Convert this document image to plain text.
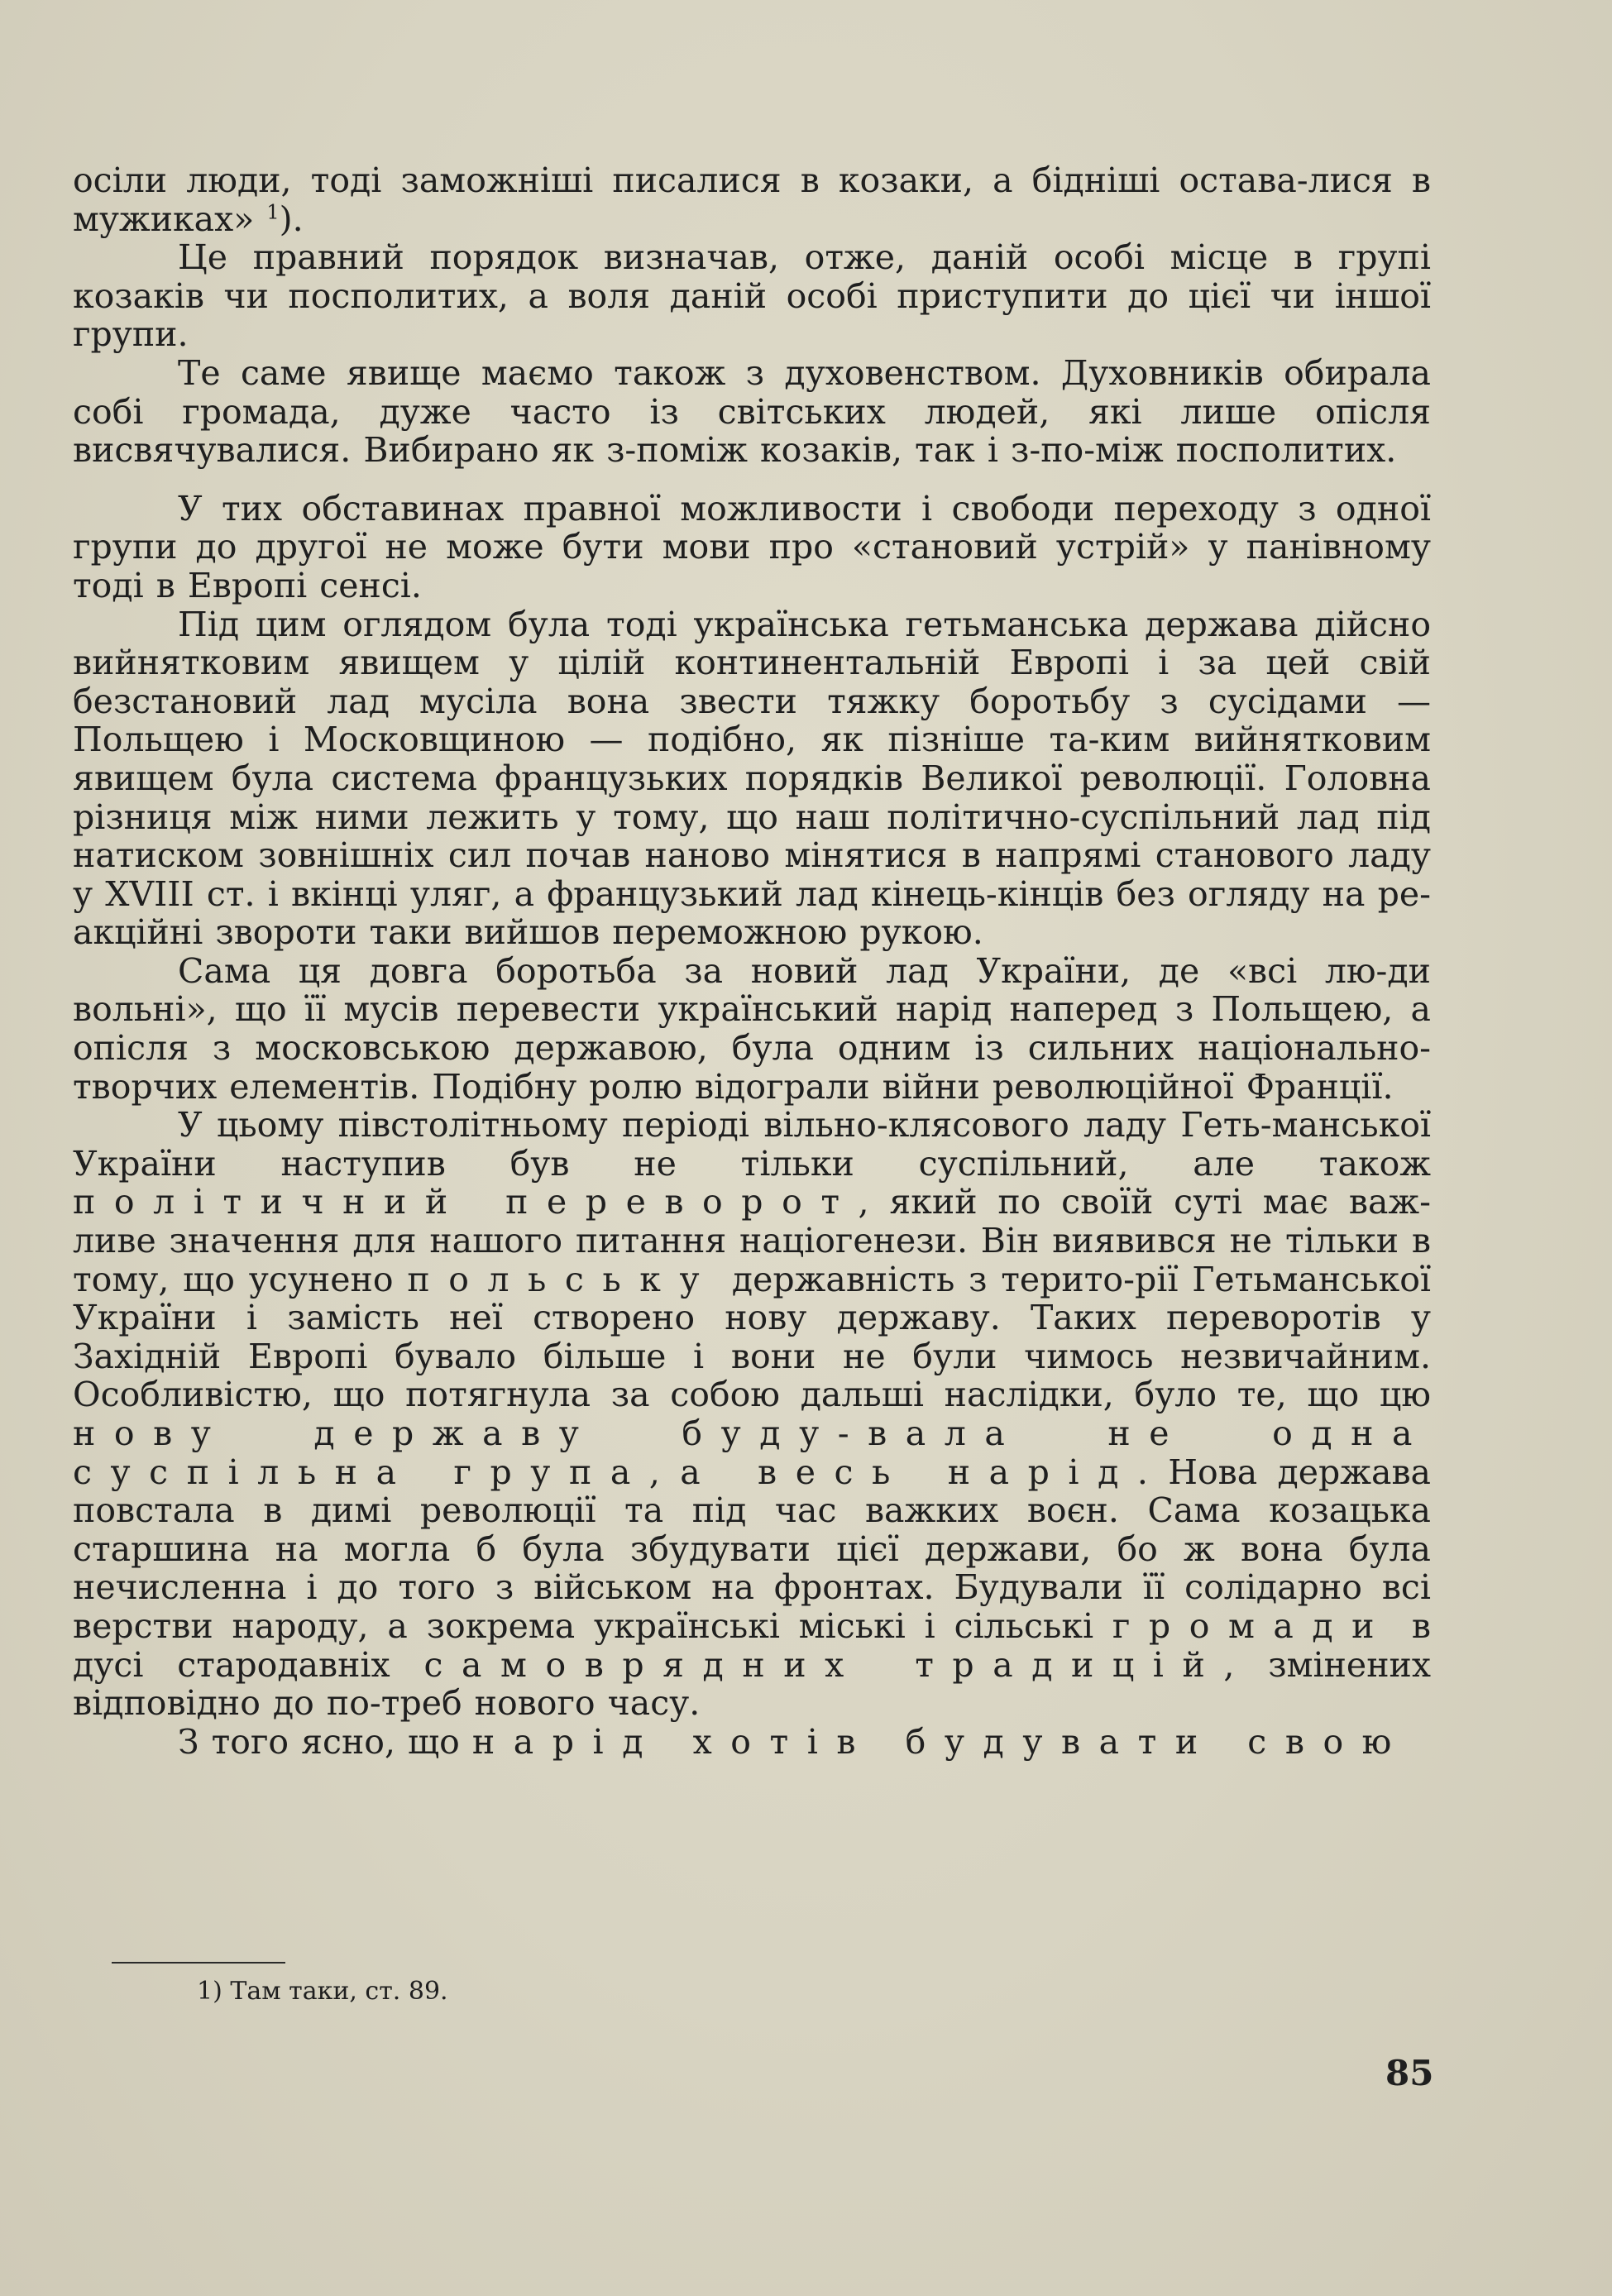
осіли люди, тоді заможніші писалися в козаки, а бідніші остава-лися в мужиках» $^1$).

Це правний порядок визначав, отже, даній особі місце в групі козаків чи посполитих, а воля даній особі приступити до цієї чи іншої групи.

Те саме явище маємо також з духовенством. Духовників обирала собі громада, дуже часто із світських людей, які лише опісля висвячувалися. Вибирано як з-поміж козаків, так і з-по-між посполитих.

У тих обставинах правної можливости і свободи переходу з одної групи до другої не може бути мови про «становий устрій» у панівному тоді в Европі сенсі.

Під цим оглядом була тоді українська гетьманська держава дійсно вийнятковим явищем у цілій континентальній Европі і за цей свій безстановий лад мусіла вона звести тяжку боротьбу з сусідами — Польщею і Московщиною — подібно, як пізніше та-ким вийнятковим явищем була система французьких порядків Великої революції. Головна різниця між ними лежить у тому, що наш політично-суспільний лад під натиском зовнішніх сил почав наново мінятися в напрямі станового ладу у XVIII ст. і вкінці уляг, а французький лад кінець-кінців без огляду на ре-акційні звороти таки вийшов переможною рукою.

Сама ця довга боротьба за новий лад України, де «всі лю-ди вольні», що її мусів перевести український нарід наперед з Польщею, а опісля з московською державою, була одним із сильних національно-творчих елементів. Подібну ролю відограли війни революційної Франції.

У цьому півстолітньому періоді вільно-клясового ладу Геть-манської України наступив був не тільки суспільний, але також політичний переворот, який по своїй суті має важ-ливе значення для нашого питання націогенези. Він виявився не тільки в тому, що усунено польську державність з терито-рії Гетьманської України і замість неї створено нову державу. Таких переворотів у Західній Европі бувало більше і вони не були чимось незвичайним. Особливістю, що потягнула за собою дальші наслідки, було те, що цю нову державу буду-вала не одна суспільна група, а весь нарід. Нова держава повстала в димі революції та під час важких воєн. Сама козацька старшина на могла б була збудувати цієї держави, бо ж вона була нечисленна і до того з військом на фронтах. Будували її солідарно всі верстви народу, а зокрема українські міські і сільські громади в дусі стародавніх самоврядних традицій, змінених відповідно до по-треб нового часу.

З того ясно, що нарід хотів будувати свою

1) Там таки, ст. 89.
85
